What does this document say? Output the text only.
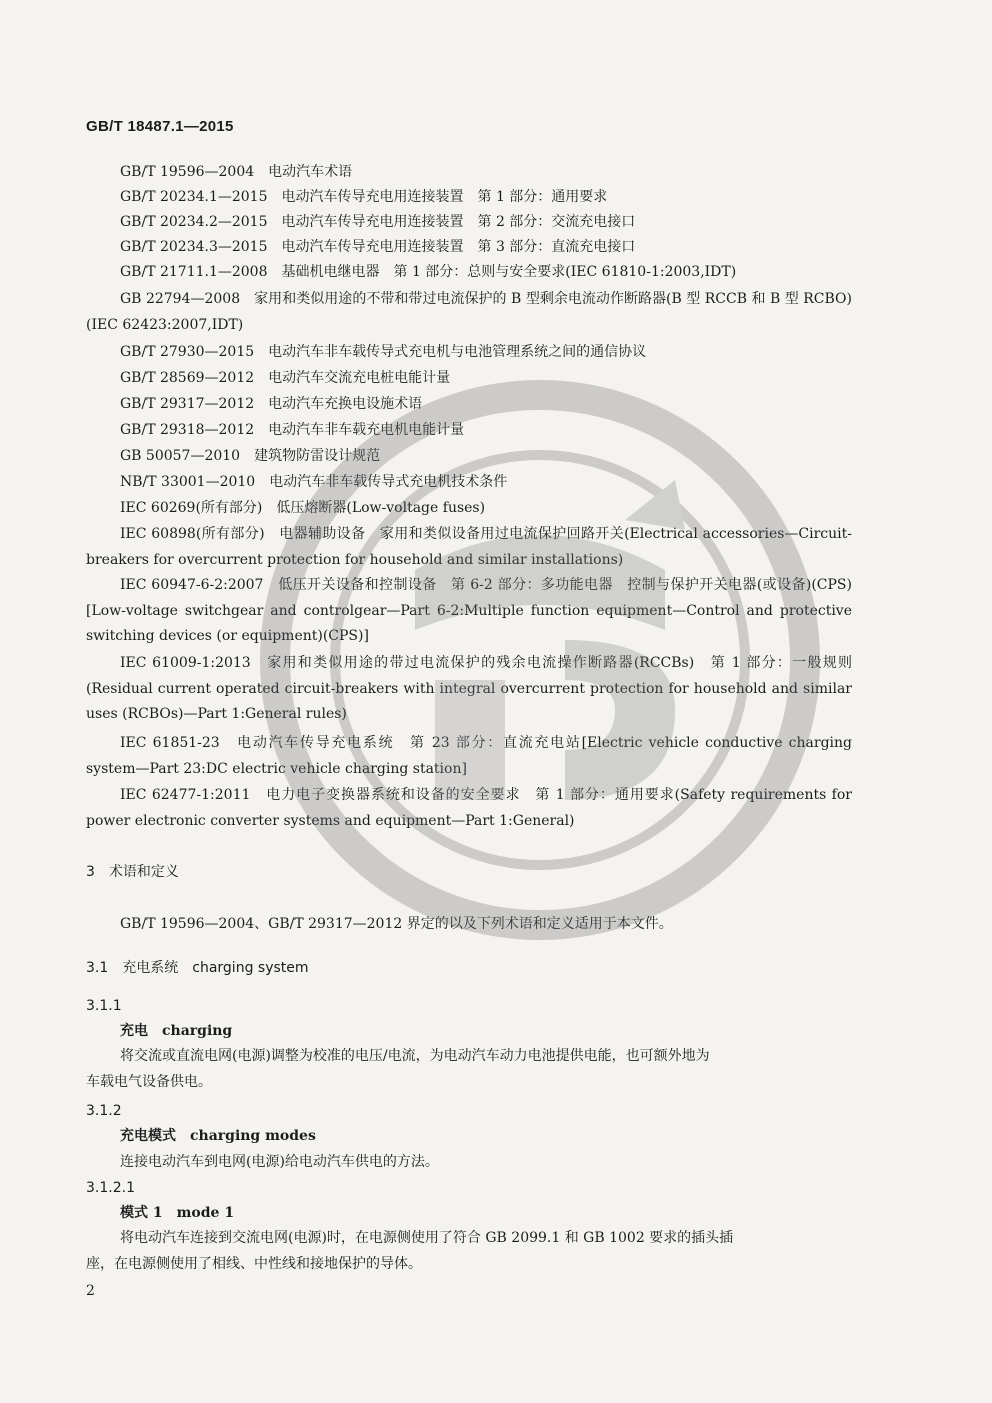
GB/T 18487.1—2015
GB/T 19596—2004　电动汽车术语
GB/T 20234.1—2015　电动汽车传导充电用连接装置　第 1 部分：通用要求
GB/T 20234.2—2015　电动汽车传导充电用连接装置　第 2 部分：交流充电接口
GB/T 20234.3—2015　电动汽车传导充电用连接装置　第 3 部分：直流充电接口
GB/T 21711.1—2008　基础机电继电器　第 1 部分：总则与安全要求(IEC 61810-1:2003,IDT)
GB 22794—2008　家用和类似用途的不带和带过电流保护的 B 型剩余电流动作断路器(B 型 RCCB 和 B 型 RCBO)(IEC 62423:2007,IDT)
GB/T 27930—2015　电动汽车非车载传导式充电机与电池管理系统之间的通信协议
GB/T 28569—2012　电动汽车交流充电桩电能计量
GB/T 29317—2012　电动汽车充换电设施术语
GB/T 29318—2012　电动汽车非车载充电机电能计量
GB 50057—2010　建筑物防雷设计规范
NB/T 33001—2010　电动汽车非车载传导式充电机技术条件
IEC 60269(所有部分)　低压熔断器(Low-voltage fuses)
IEC 60898(所有部分)　电器辅助设备　家用和类似设备用过电流保护回路开关(Electrical accessories—Circuit-breakers for overcurrent protection for household and similar installations)
IEC 60947-6-2:2007　低压开关设备和控制设备　第 6-2 部分：多功能电器　控制与保护开关电器(或设备)(CPS)[Low-voltage switchgear and controlgear—Part 6-2:Multiple function equipment—Control and protective switching devices (or equipment)(CPS)]
IEC 61009-1:2013　家用和类似用途的带过电流保护的残余电流操作断路器(RCCBs)　第 1 部分：一般规则(Residual current operated circuit-breakers with integral overcurrent protection for household and similar uses (RCBOs)—Part 1:General rules)
IEC 61851-23　电动汽车传导充电系统　第 23 部分：直流充电站[Electric vehicle conductive charging system—Part 23:DC electric vehicle charging station]
IEC 62477-1:2011　电力电子变换器系统和设备的安全要求　第 1 部分：通用要求(Safety requirements for power electronic converter systems and equipment—Part 1:General)
3　术语和定义
GB/T 19596—2004、GB/T 29317—2012 界定的以及下列术语和定义适用于本文件。
3.1　充电系统　charging system
3.1.1
充电　charging
将交流或直流电网(电源)调整为校准的电压/电流，为电动汽车动力电池提供电能，也可额外地为
车载电气设备供电。
3.1.2
充电模式　charging modes
连接电动汽车到电网(电源)给电动汽车供电的方法。
3.1.2.1
模式 1　mode 1
将电动汽车连接到交流电网(电源)时，在电源侧使用了符合 GB 2099.1 和 GB 1002 要求的插头插
座，在电源侧使用了相线、中性线和接地保护的导体。
2
